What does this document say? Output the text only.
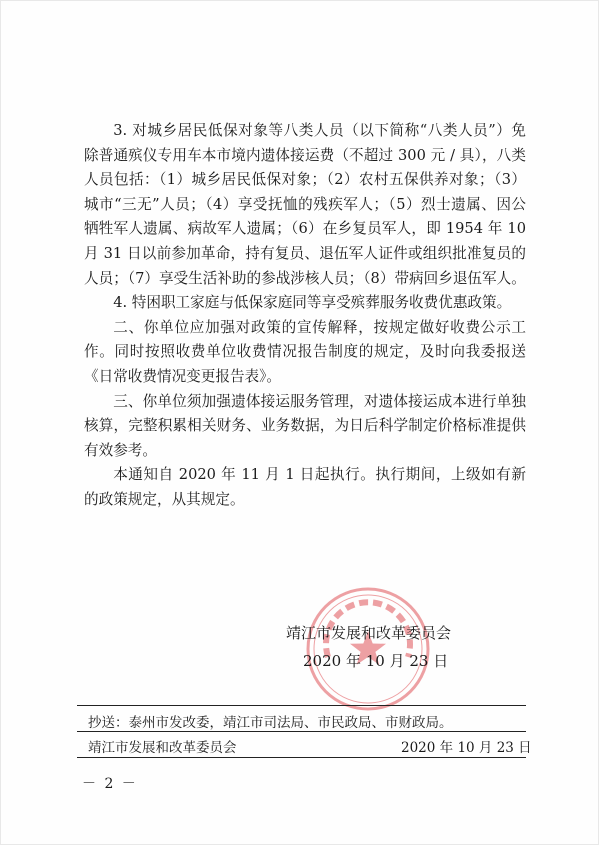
3. 对城乡居民低保对象等八类人员（以下简称“八类人员”）免除普通殡仪专用车本市境内遗体接运费（不超过 300 元 / 具），八类人员包括：（1）城乡居民低保对象；（2）农村五保供养对象；（3）城市“三无”人员；（4）享受抚恤的残疾军人；（5）烈士遗属、因公牺牲军人遗属、病故军人遗属；（6）在乡复员军人，即 1954 年 10 月 31 日以前参加革命，持有复员、退伍军人证件或组织批准复员的人员；（7）享受生活补助的参战涉核人员；（8）带病回乡退伍军人。

4. 特困职工家庭与低保家庭同等享受殡葬服务收费优惠政策。

二、你单位应加强对政策的宣传解释，按规定做好收费公示工作。同时按照收费单位收费情况报告制度的规定，及时向我委报送《日常收费情况变更报告表》。

三、你单位须加强遗体接运服务管理，对遗体接运成本进行单独核算，完整积累相关财务、业务数据，为日后科学制定价格标准提供有效参考。

本通知自 2020 年 11 月 1 日起执行。执行期间，上级如有新的政策规定，从其规定。

靖江市发展和改革委员会
2020 年 10 月 23 日
抄送：泰州市发改委，靖江市司法局、市民政局、市财政局。
靖江市发展和改革委员会	2020 年 10 月 23 日
－ 2 －
